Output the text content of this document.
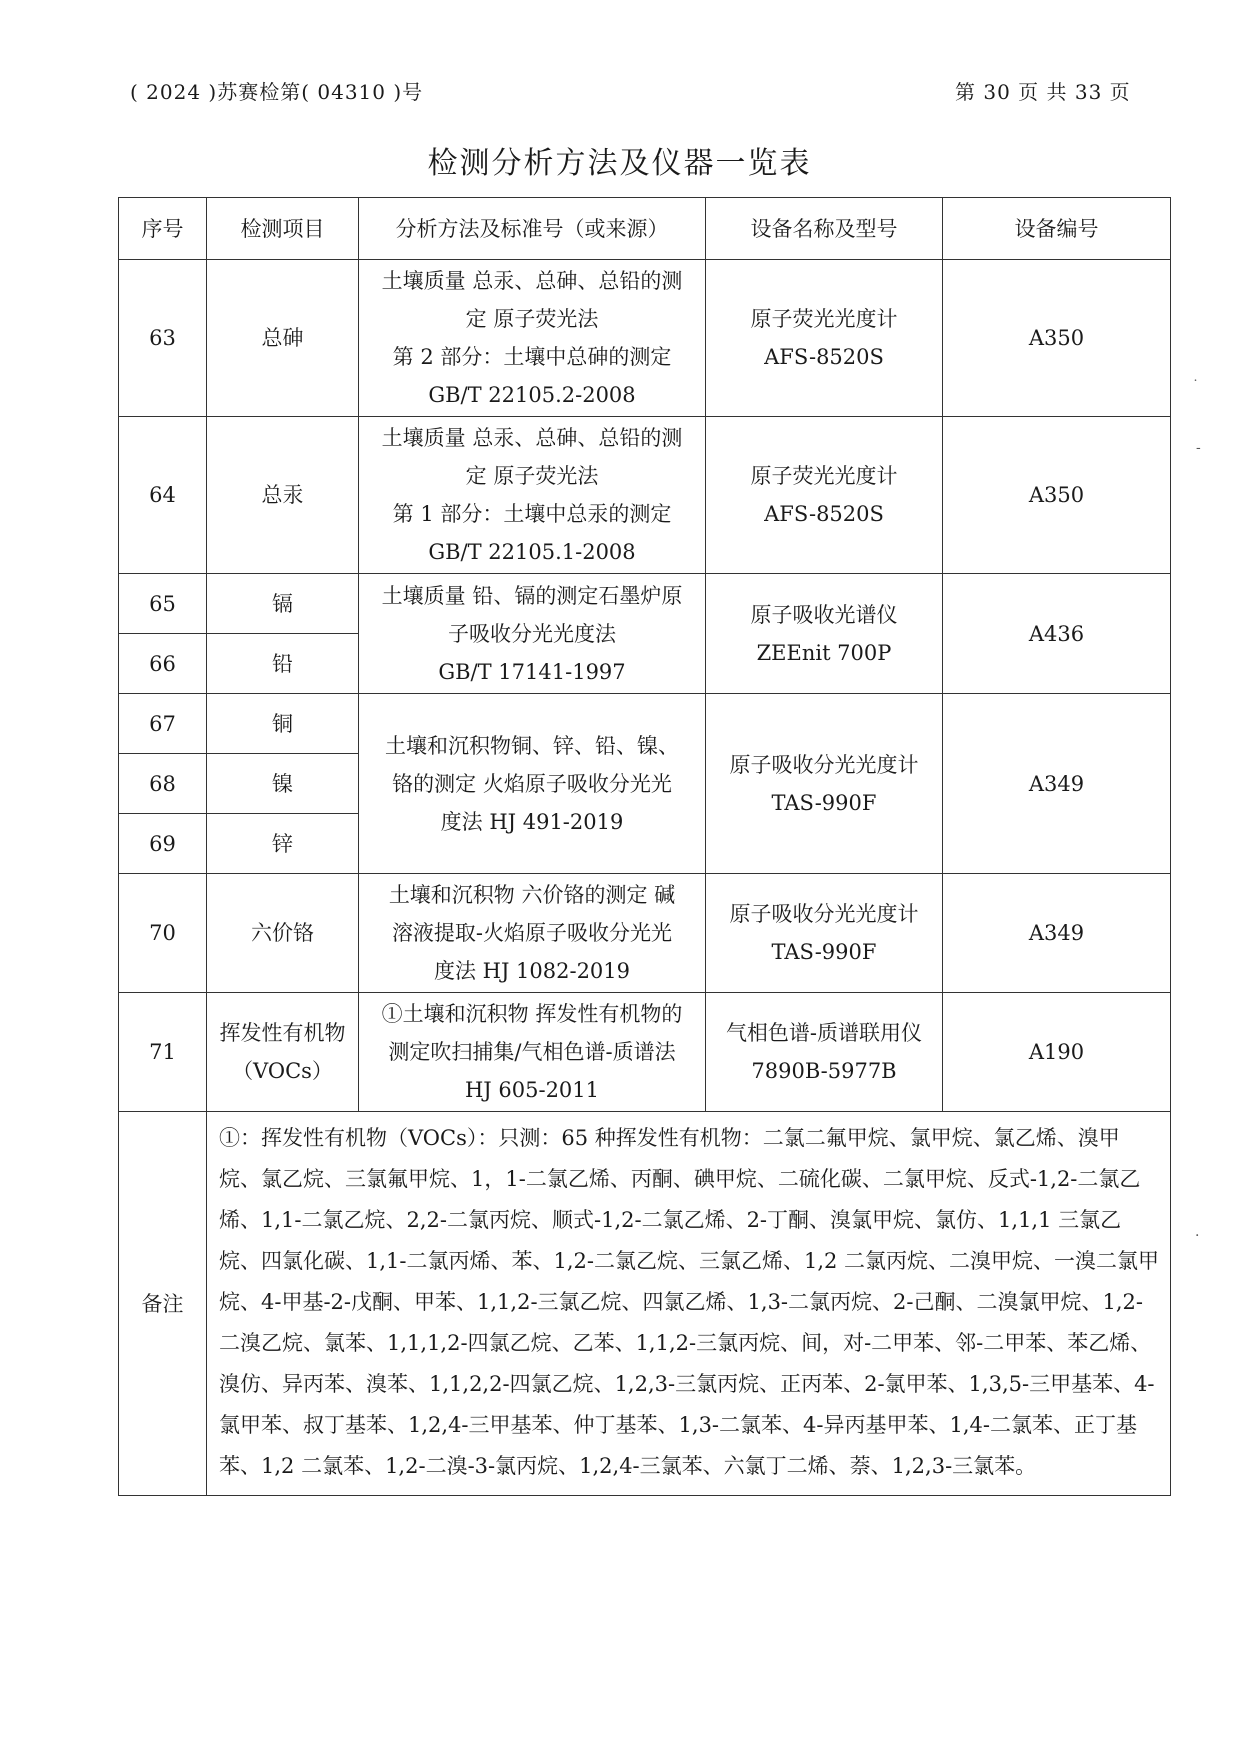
( 2024 )苏赛检第( 04310 )号	第 30 页 共 33 页
检测分析方法及仪器一览表
序号	检测项目	分析方法及标准号（或来源）	设备名称及型号	设备编号
63	总砷	土壤质量 总汞、总砷、总铅的测
定 原子荧光法
第 2 部分：土壤中总砷的测定
GB/T 22105.2-2008	原子荧光光度计
AFS-8520S	A350
64	总汞	土壤质量 总汞、总砷、总铅的测
定 原子荧光法
第 1 部分：土壤中总汞的测定
GB/T 22105.1-2008	原子荧光光度计
AFS-8520S	A350
65	镉	土壤质量 铅、镉的测定石墨炉原
子吸收分光光度法
GB/T 17141-1997	原子吸收光谱仪
ZEEnit 700P	A436
66	铅			

67	铜	土壤和沉积物铜、锌、铅、镍、
铬的测定 火焰原子吸收分光光
度法 HJ 491-2019	原子吸收分光光度计
TAS-990F	A349
68	镍			

69	锌			

70	六价铬	土壤和沉积物 六价铬的测定 碱
溶液提取-火焰原子吸收分光光
度法 HJ 1082-2019	原子吸收分光光度计
TAS-990F	A349
71	挥发性有机物
（VOCs）	①土壤和沉积物 挥发性有机物的
测定吹扫捕集/气相色谱-质谱法
HJ 605-2011	气相色谱-质谱联用仪
7890B-5977B	A190
备注	①：挥发性有机物（VOCs）：只测：65 种挥发性有机物：二氯二氟甲烷、氯甲烷、氯乙烯、溴甲烷、氯乙烷、三氯氟甲烷、1，1-二氯乙烯、丙酮、碘甲烷、二硫化碳、二氯甲烷、反式-1,2-二氯乙烯、1,1-二氯乙烷、2,2-二氯丙烷、顺式-1,2-二氯乙烯、2-丁酮、溴氯甲烷、氯仿、1,1,1 三氯乙烷、四氯化碳、1,1-二氯丙烯、苯、1,2-二氯乙烷、三氯乙烯、1,2 二氯丙烷、二溴甲烷、一溴二氯甲烷、4-甲基-2-戊酮、甲苯、1,1,2-三氯乙烷、四氯乙烯、1,3-二氯丙烷、2-己酮、二溴氯甲烷、1,2-二溴乙烷、氯苯、1,1,1,2-四氯乙烷、乙苯、1,1,2-三氯丙烷、间，对-二甲苯、邻-二甲苯、苯乙烯、溴仿、异丙苯、溴苯、1,1,2,2-四氯乙烷、1,2,3-三氯丙烷、正丙苯、2-氯甲苯、1,3,5-三甲基苯、4-氯甲苯、叔丁基苯、1,2,4-三甲基苯、仲丁基苯、1,3-二氯苯、4-异丙基甲苯、1,4-二氯苯、正丁基苯、1,2 二氯苯、1,2-二溴-3-氯丙烷、1,2,4-三氯苯、六氯丁二烯、萘、1,2,3-三氯苯。			
˙
-
·
